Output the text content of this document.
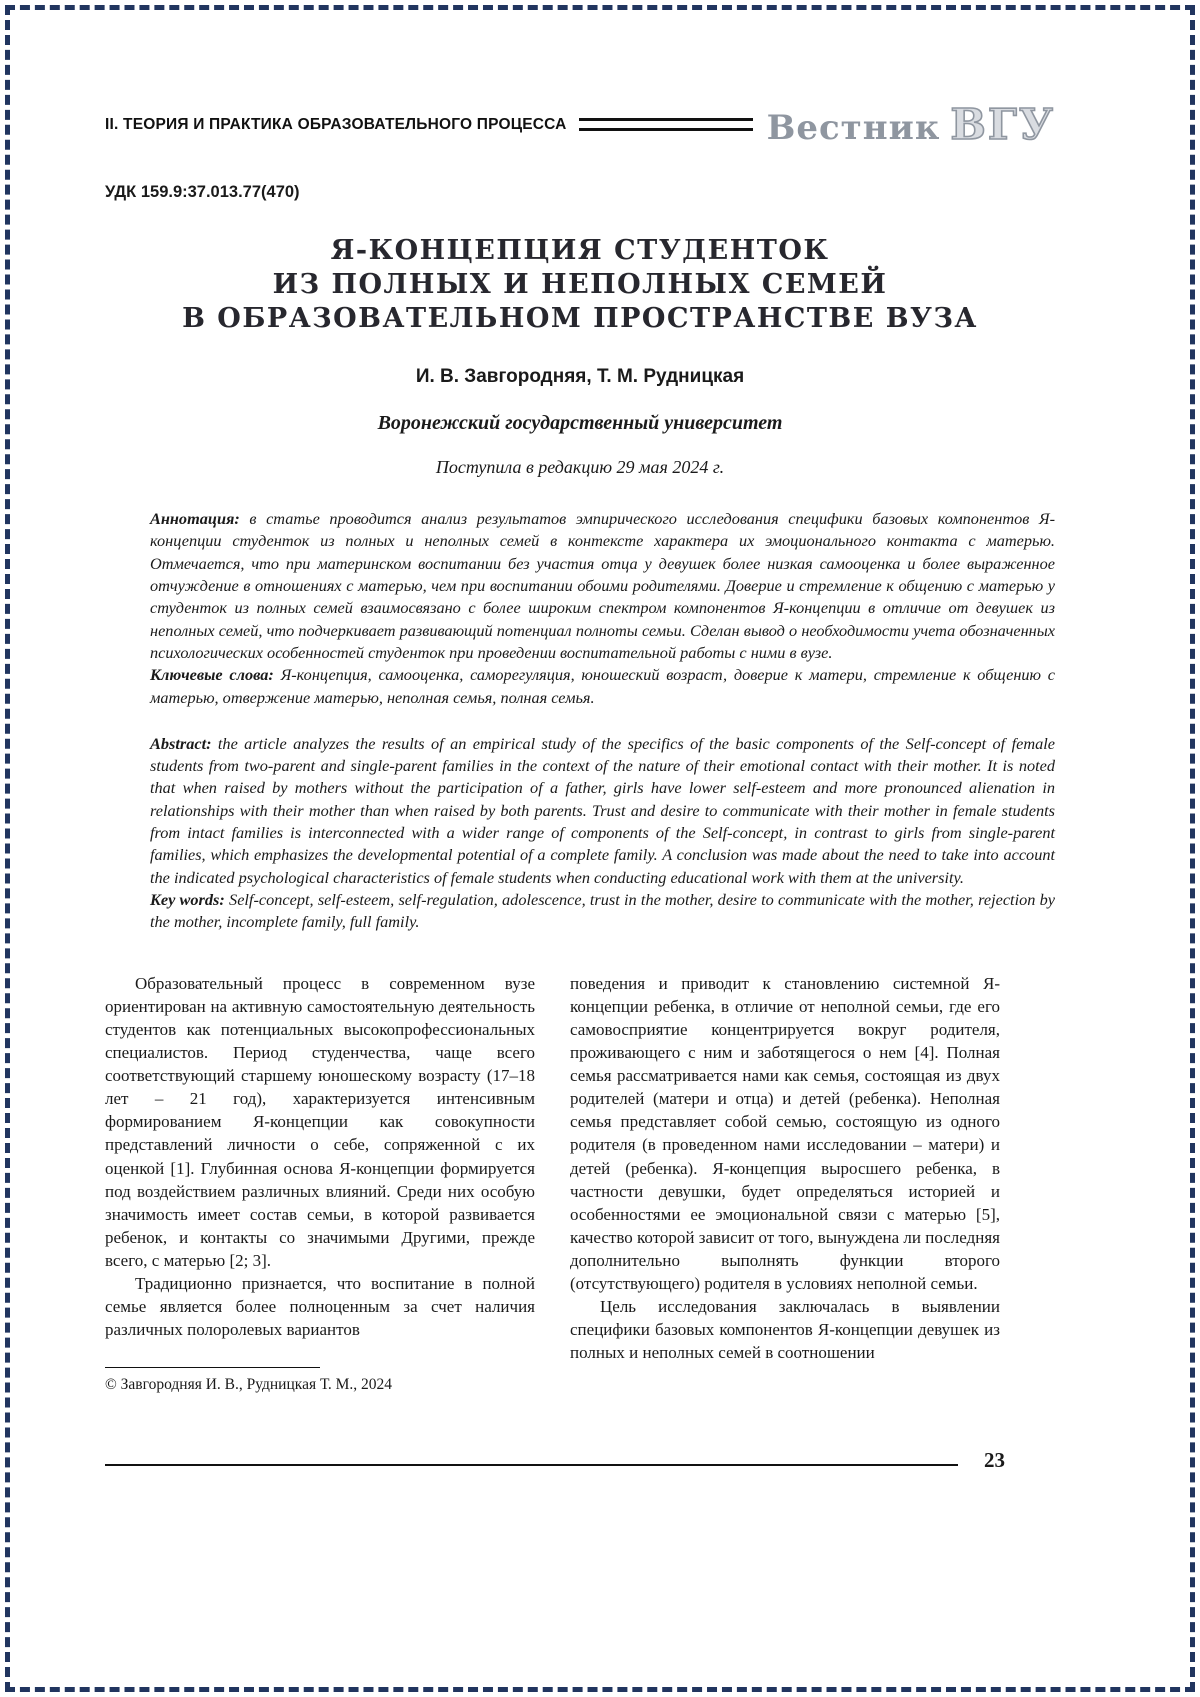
II. ТЕОРИЯ И ПРАКТИКА ОБРАЗОВАТЕЛЬНОГО ПРОЦЕССА	Вестник ВГУ
УДК 159.9:37.013.77(470)
Я-КОНЦЕПЦИЯ СТУДЕНТОК
ИЗ ПОЛНЫХ И НЕПОЛНЫХ СЕМЕЙ
В ОБРАЗОВАТЕЛЬНОМ ПРОСТРАНСТВЕ ВУЗА
И. В. Завгородняя, Т. М. Рудницкая
Воронежский государственный университет
Поступила в редакцию 29 мая 2024 г.

Аннотация: в статье проводится анализ результатов эмпирического исследования специфики базовых компонентов Я-концепции студенток из полных и неполных семей в контексте характера их эмоционального контакта с матерью. Отмечается, что при материнском воспитании без участия отца у девушек более низкая самооценка и более выраженное отчуждение в отношениях с матерью, чем при воспитании обоими родителями. Доверие и стремление к общению с матерью у студенток из полных семей взаимосвязано с более широким спектром компонентов Я-концепции в отличие от девушек из неполных семей, что подчеркивает развивающий потенциал полноты семьи. Сделан вывод о необходимости учета обозначенных психологических особенностей студенток при проведении воспитательной работы с ними в вузе.

Ключевые слова: Я-концепция, самооценка, саморегуляция, юношеский возраст, доверие к матери, стремление к общению с матерью, отвержение матерью, неполная семья, полная семья.

Abstract: the article analyzes the results of an empirical study of the specifics of the basic components of the Self-concept of female students from two-parent and single-parent families in the context of the nature of their emotional contact with their mother. It is noted that when raised by mothers without the participation of a father, girls have lower self-esteem and more pronounced alienation in relationships with their mother than when raised by both parents. Trust and desire to communicate with their mother in female students from intact families is interconnected with a wider range of components of the Self-concept, in contrast to girls from single-parent families, which emphasizes the developmental potential of a complete family. A conclusion was made about the need to take into account the indicated psychological characteristics of female students when conducting educational work with them at the university.

Key words: Self-concept, self-esteem, self-regulation, adolescence, trust in the mother, desire to communicate with the mother, rejection by the mother, incomplete family, full family.

Образовательный процесс в современном вузе ориентирован на активную самостоятельную деятельность студентов как потенциальных высокопрофессиональных специалистов. Период студенчества, чаще всего соответствующий старшему юношескому возрасту (17–18 лет – 21 год), характеризуется интенсивным формированием Я-концепции как совокупности представлений личности о себе, сопряженной с их оценкой [1]. Глубинная основа Я-концепции формируется под воздействием различных влияний. Среди них особую значимость имеет состав семьи, в которой развивается ребенок, и контакты со значимыми Другими, прежде всего, с матерью [2; 3].

Традиционно признается, что воспитание в полной семье является более полноценным за счет наличия различных полоролевых вариантов

© Завгородняя И. В., Рудницкая Т. М., 2024

поведения и приводит к становлению системной Я-концепции ребенка, в отличие от неполной семьи, где его самовосприятие концентрируется вокруг родителя, проживающего с ним и заботящегося о нем [4]. Полная семья рассматривается нами как семья, состоящая из двух родителей (матери и отца) и детей (ребенка). Неполная семья представляет собой семью, состоящую из одного родителя (в проведенном нами исследовании – матери) и детей (ребенка). Я-концепция выросшего ребенка, в частности девушки, будет определяться историей и особенностями ее эмоциональной связи с матерью [5], качество которой зависит от того, вынуждена ли последняя дополнительно выполнять функции второго (отсутствующего) родителя в условиях неполной семьи.

Цель исследования заключалась в выявлении специфики базовых компонентов Я-концепции девушек из полных и неполных семей в соотношении

23
